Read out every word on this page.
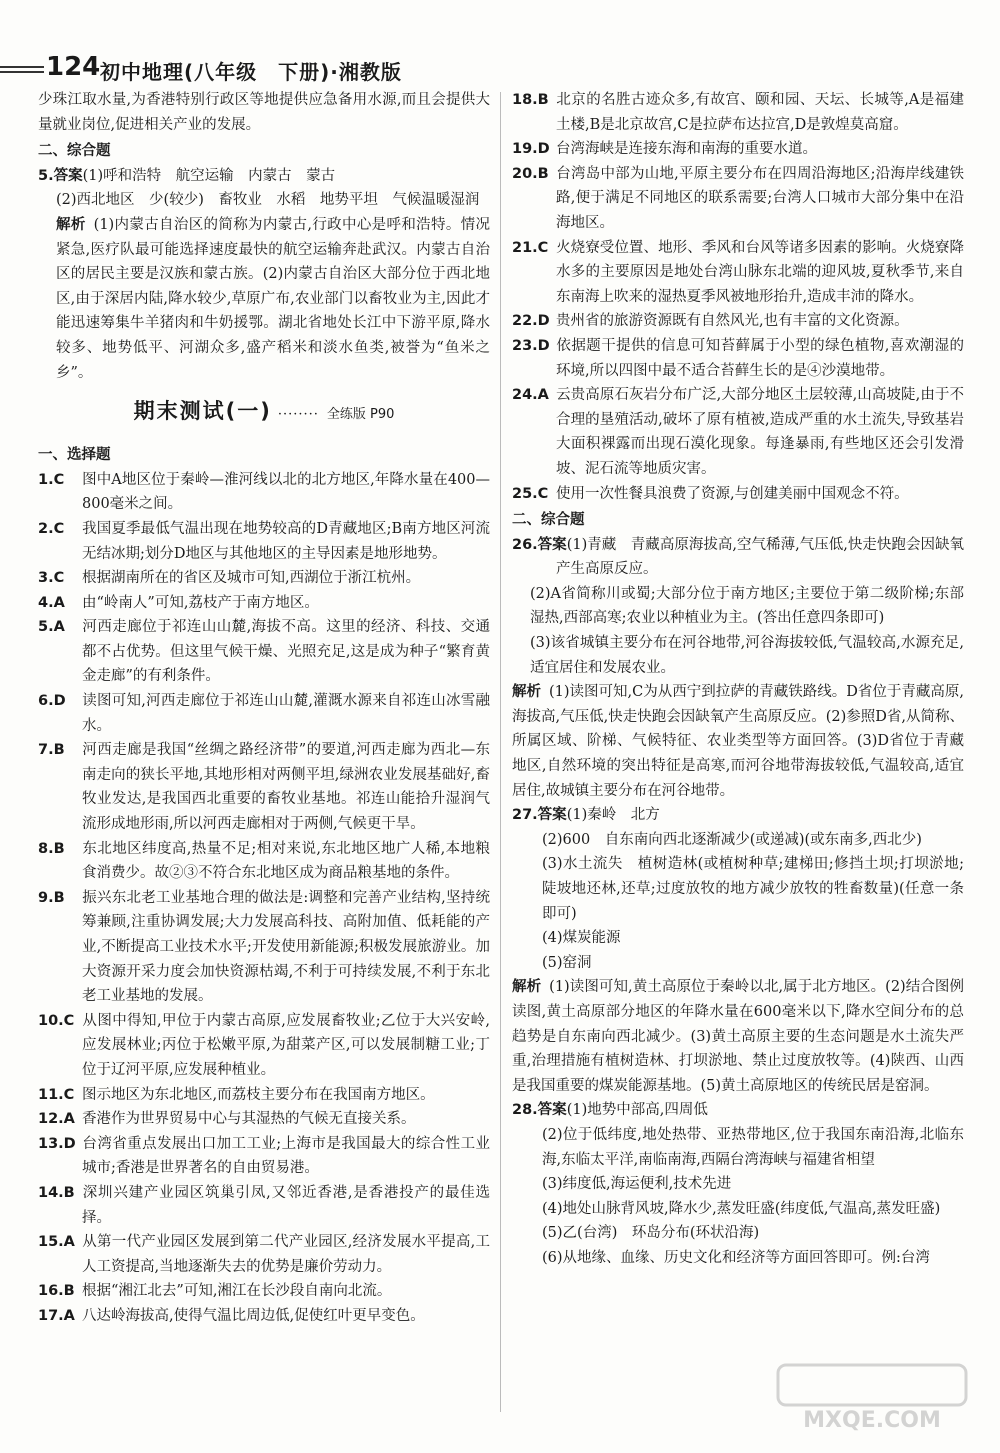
124 初中地理(八年级　下册)·湘教版

少珠江取水量,为香港特别行政区等地提供应急备用水源,而且会提供大量就业岗位,促进相关产业的发展。

二、综合题

5.答案(1)呼和浩特　航空运输　内蒙古　蒙古

(2)西北地区　少(较少)　畜牧业　水稻　地势平坦　气候温暖湿润

解析 (1)内蒙古自治区的简称为内蒙古,行政中心是呼和浩特。情况紧急,医疗队最可能选择速度最快的航空运输奔赴武汉。内蒙古自治区的居民主要是汉族和蒙古族。(2)内蒙古自治区大部分位于西北地区,由于深居内陆,降水较少,草原广布,农业部门以畜牧业为主,因此才能迅速筹集牛羊猪肉和牛奶援鄂。湖北省地处长江中下游平原,降水较多、地势低平、河湖众多,盛产稻米和淡水鱼类,被誉为“鱼米之乡”。

期末测试(一) ········ 全练版 P90
一、选择题

1.C 图中A地区位于秦岭—淮河线以北的北方地区,年降水量在400—800毫米之间。

2.C 我国夏季最低气温出现在地势较高的D青藏地区;B南方地区河流无结冰期;划分D地区与其他地区的主导因素是地形地势。

3.C 根据湖南所在的省区及城市可知,西湖位于浙江杭州。

4.A 由“岭南人”可知,荔枝产于南方地区。

5.A 河西走廊位于祁连山山麓,海拔不高。这里的经济、科技、交通都不占优势。但这里气候干燥、光照充足,这是成为种子“繁育黄金走廊”的有利条件。

6.D 读图可知,河西走廊位于祁连山山麓,灌溉水源来自祁连山冰雪融水。

7.B 河西走廊是我国“丝绸之路经济带”的要道,河西走廊为西北—东南走向的狭长平地,其地形相对两侧平坦,绿洲农业发展基础好,畜牧业发达,是我国西北重要的畜牧业基地。祁连山能拾升湿润气流形成地形雨,所以河西走廊相对于两侧,气候更干旱。

8.B 东北地区纬度高,热量不足;相对来说,东北地区地广人稀,本地粮食消费少。故②③不符合东北地区成为商品粮基地的条件。

9.B 振兴东北老工业基地合理的做法是:调整和完善产业结构,坚持统筹兼顾,注重协调发展;大力发展高科技、高附加值、低耗能的产业,不断提高工业技术水平;开发使用新能源;积极发展旅游业。加大资源开采力度会加快资源枯竭,不利于可持续发展,不利于东北老工业基地的发展。

10.C 从图中得知,甲位于内蒙古高原,应发展畜牧业;乙位于大兴安岭,应发展林业;丙位于松嫩平原,为甜菜产区,可以发展制糖工业;丁位于辽河平原,应发展种植业。

11.C 图示地区为东北地区,而荔枝主要分布在我国南方地区。

12.A 香港作为世界贸易中心与其湿热的气候无直接关系。

13.D 台湾省重点发展出口加工工业;上海市是我国最大的综合性工业城市;香港是世界著名的自由贸易港。

14.B 深圳兴建产业园区筑巢引凤,又邻近香港,是香港投产的最佳选择。

15.A 从第一代产业园区发展到第二代产业园区,经济发展水平提高,工人工资提高,当地逐渐失去的优势是廉价劳动力。

16.B 根据“湘江北去”可知,湘江在长沙段自南向北流。

17.A 八达岭海拔高,使得气温比周边低,促使红叶更早变色。

18.B 北京的名胜古迹众多,有故宫、颐和园、天坛、长城等,A是福建土楼,B是北京故宫,C是拉萨布达拉宫,D是敦煌莫高窟。

19.D 台湾海峡是连接东海和南海的重要水道。

20.B 台湾岛中部为山地,平原主要分布在四周沿海地区;沿海岸线建铁路,便于满足不同地区的联系需要;台湾人口城市大部分集中在沿海地区。

21.C 火烧寮受位置、地形、季风和台风等诸多因素的影响。火烧寮降水多的主要原因是地处台湾山脉东北端的迎风坡,夏秋季节,来自东南海上吹来的湿热夏季风被地形抬升,造成丰沛的降水。

22.D 贵州省的旅游资源既有自然风光,也有丰富的文化资源。

23.D 依据题干提供的信息可知苔藓属于小型的绿色植物,喜欢潮湿的环境,所以四图中最不适合苔藓生长的是④沙漠地带。

24.A 云贵高原石灰岩分布广泛,大部分地区土层较薄,山高坡陡,由于不合理的垦殖活动,破坏了原有植被,造成严重的水土流失,导致基岩大面积裸露而出现石漠化现象。每逢暴雨,有些地区还会引发滑坡、泥石流等地质灾害。

25.C 使用一次性餐具浪费了资源,与创建美丽中国观念不符。

二、综合题

26.答案(1)青藏　青藏高原海拔高,空气稀薄,气压低,快走快跑会因缺氧产生高原反应。

(2)A省简称川或蜀;大部分位于南方地区;主要位于第二级阶梯;东部湿热,西部高寒;农业以种植业为主。(答出任意四条即可)

(3)该省城镇主要分布在河谷地带,河谷海拔较低,气温较高,水源充足,适宜居住和发展农业。

解析 (1)读图可知,C为从西宁到拉萨的青藏铁路线。D省位于青藏高原,海拔高,气压低,快走快跑会因缺氧产生高原反应。(2)参照D省,从简称、所属区域、阶梯、气候特征、农业类型等方面回答。(3)D省位于青藏地区,自然环境的突出特征是高寒,而河谷地带海拔较低,气温较高,适宜居住,故城镇主要分布在河谷地带。

27.答案(1)秦岭　北方

(2)600　自东南向西北逐渐减少(或递减)(或东南多,西北少)

(3)水土流失　植树造林(或植树种草;建梯田;修挡土坝;打坝淤地;陡坡地还林,还草;过度放牧的地方减少放牧的牲畜数量)(任意一条即可)

(4)煤炭能源

(5)窑洞

解析 (1)读图可知,黄土高原位于秦岭以北,属于北方地区。(2)结合图例读图,黄土高原部分地区的年降水量在600毫米以下,降水空间分布的总趋势是自东南向西北减少。(3)黄土高原主要的生态问题是水土流失严重,治理措施有植树造林、打坝淤地、禁止过度放牧等。(4)陕西、山西是我国重要的煤炭能源基地。(5)黄土高原地区的传统民居是窑洞。

28.答案(1)地势中部高,四周低

(2)位于低纬度,地处热带、亚热带地区,位于我国东南沿海,北临东海,东临太平洋,南临南海,西隔台湾海峡与福建省相望

(3)纬度低,海运便利,技术先进

(4)地处山脉背风坡,降水少,蒸发旺盛(纬度低,气温高,蒸发旺盛)

(5)乙(台湾)　环岛分布(环状沿海)

(6)从地缘、血缘、历史文化和经济等方面回答即可。例:台湾

MXQE.COM
